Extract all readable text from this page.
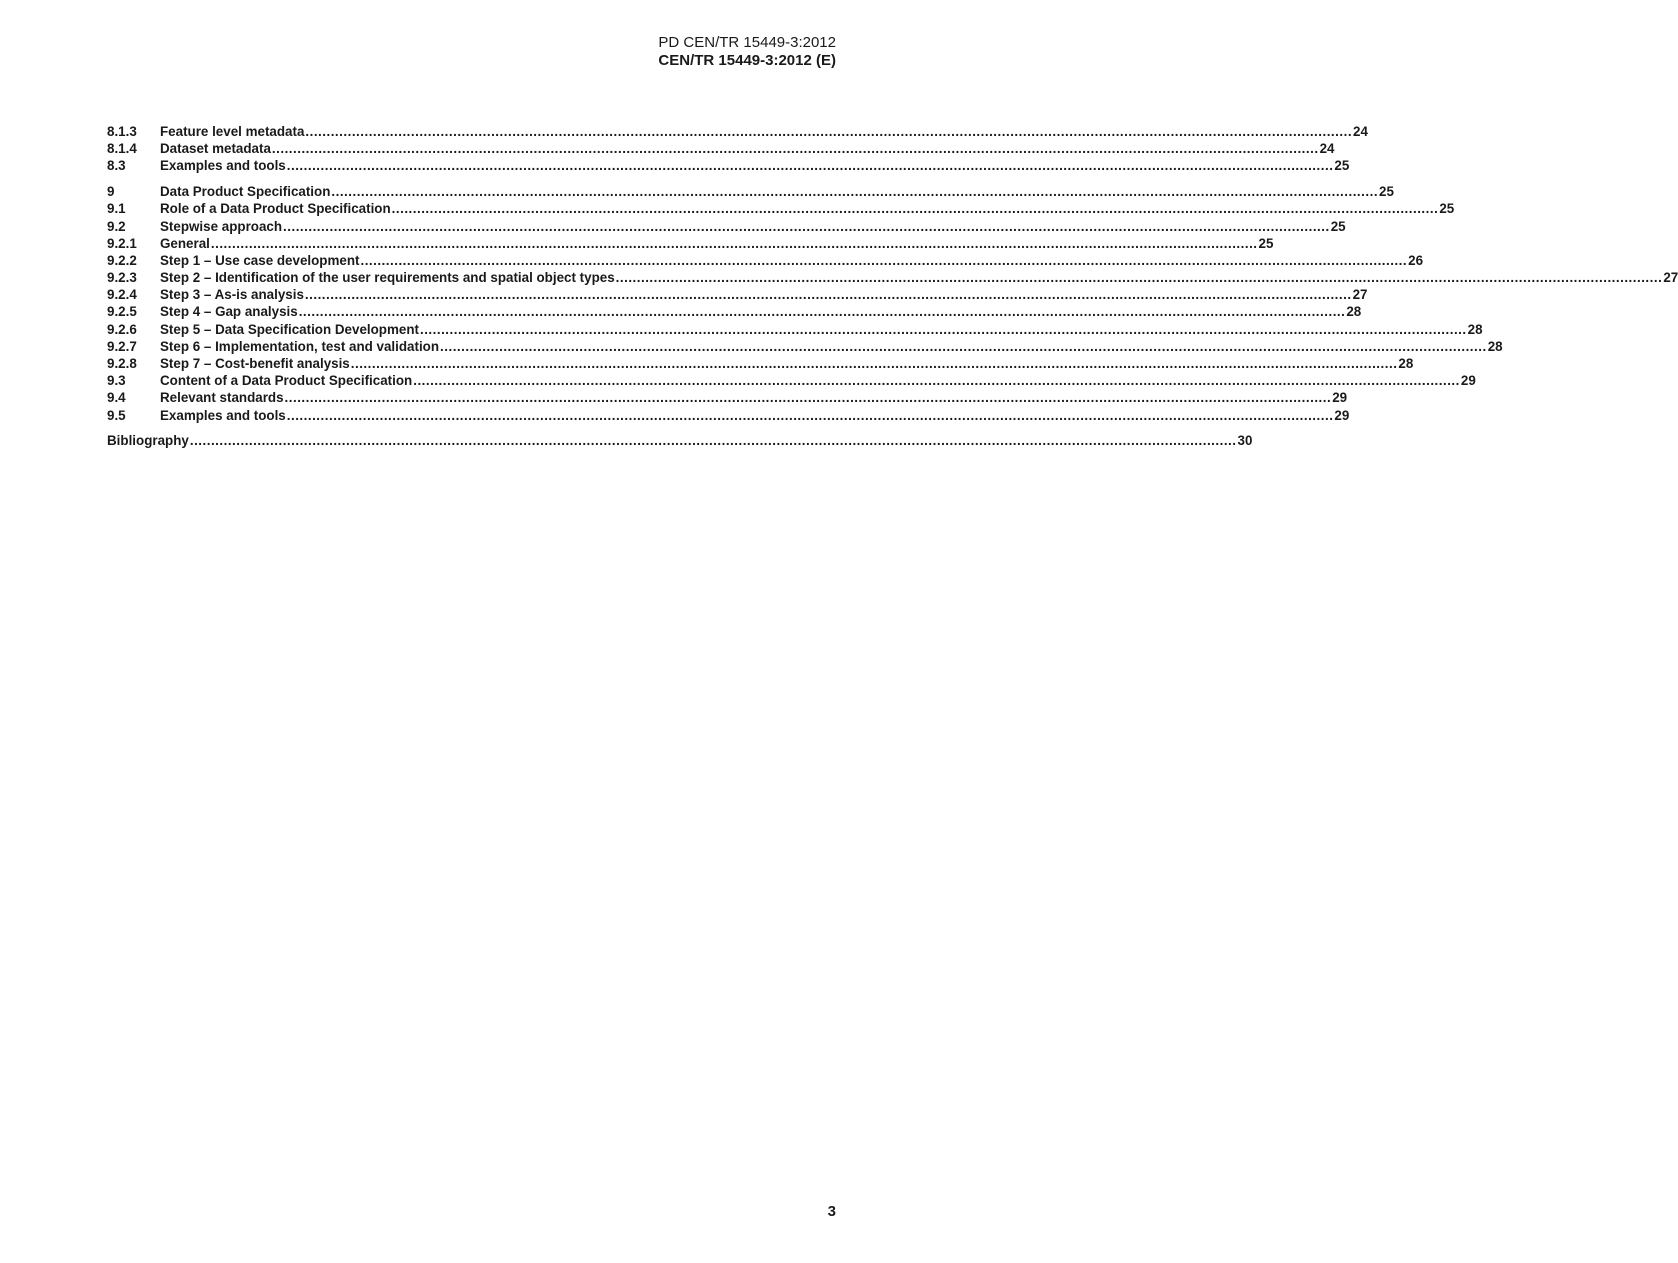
PD CEN/TR 15449-3:2012
CEN/TR 15449-3:2012 (E)
8.1.3	Feature level metadata .....	24
8.1.4	Dataset metadata .....	24
8.3	Examples and tools .....	25
9	Data Product Specification .....	25
9.1	Role of a Data Product Specification .....	25
9.2	Stepwise approach .....	25
9.2.1	General .....	25
9.2.2	Step 1 – Use case development .....	26
9.2.3	Step 2 – Identification of the user requirements and spatial object types .....	27
9.2.4	Step 3 – As-is analysis .....	27
9.2.5	Step 4 – Gap analysis .....	28
9.2.6	Step 5 – Data Specification Development .....	28
9.2.7	Step 6 – Implementation, test and validation .....	28
9.2.8	Step 7 – Cost-benefit analysis .....	28
9.3	Content of a Data Product Specification .....	29
9.4	Relevant standards .....	29
9.5	Examples and tools .....	29
Bibliography .....	30
3
